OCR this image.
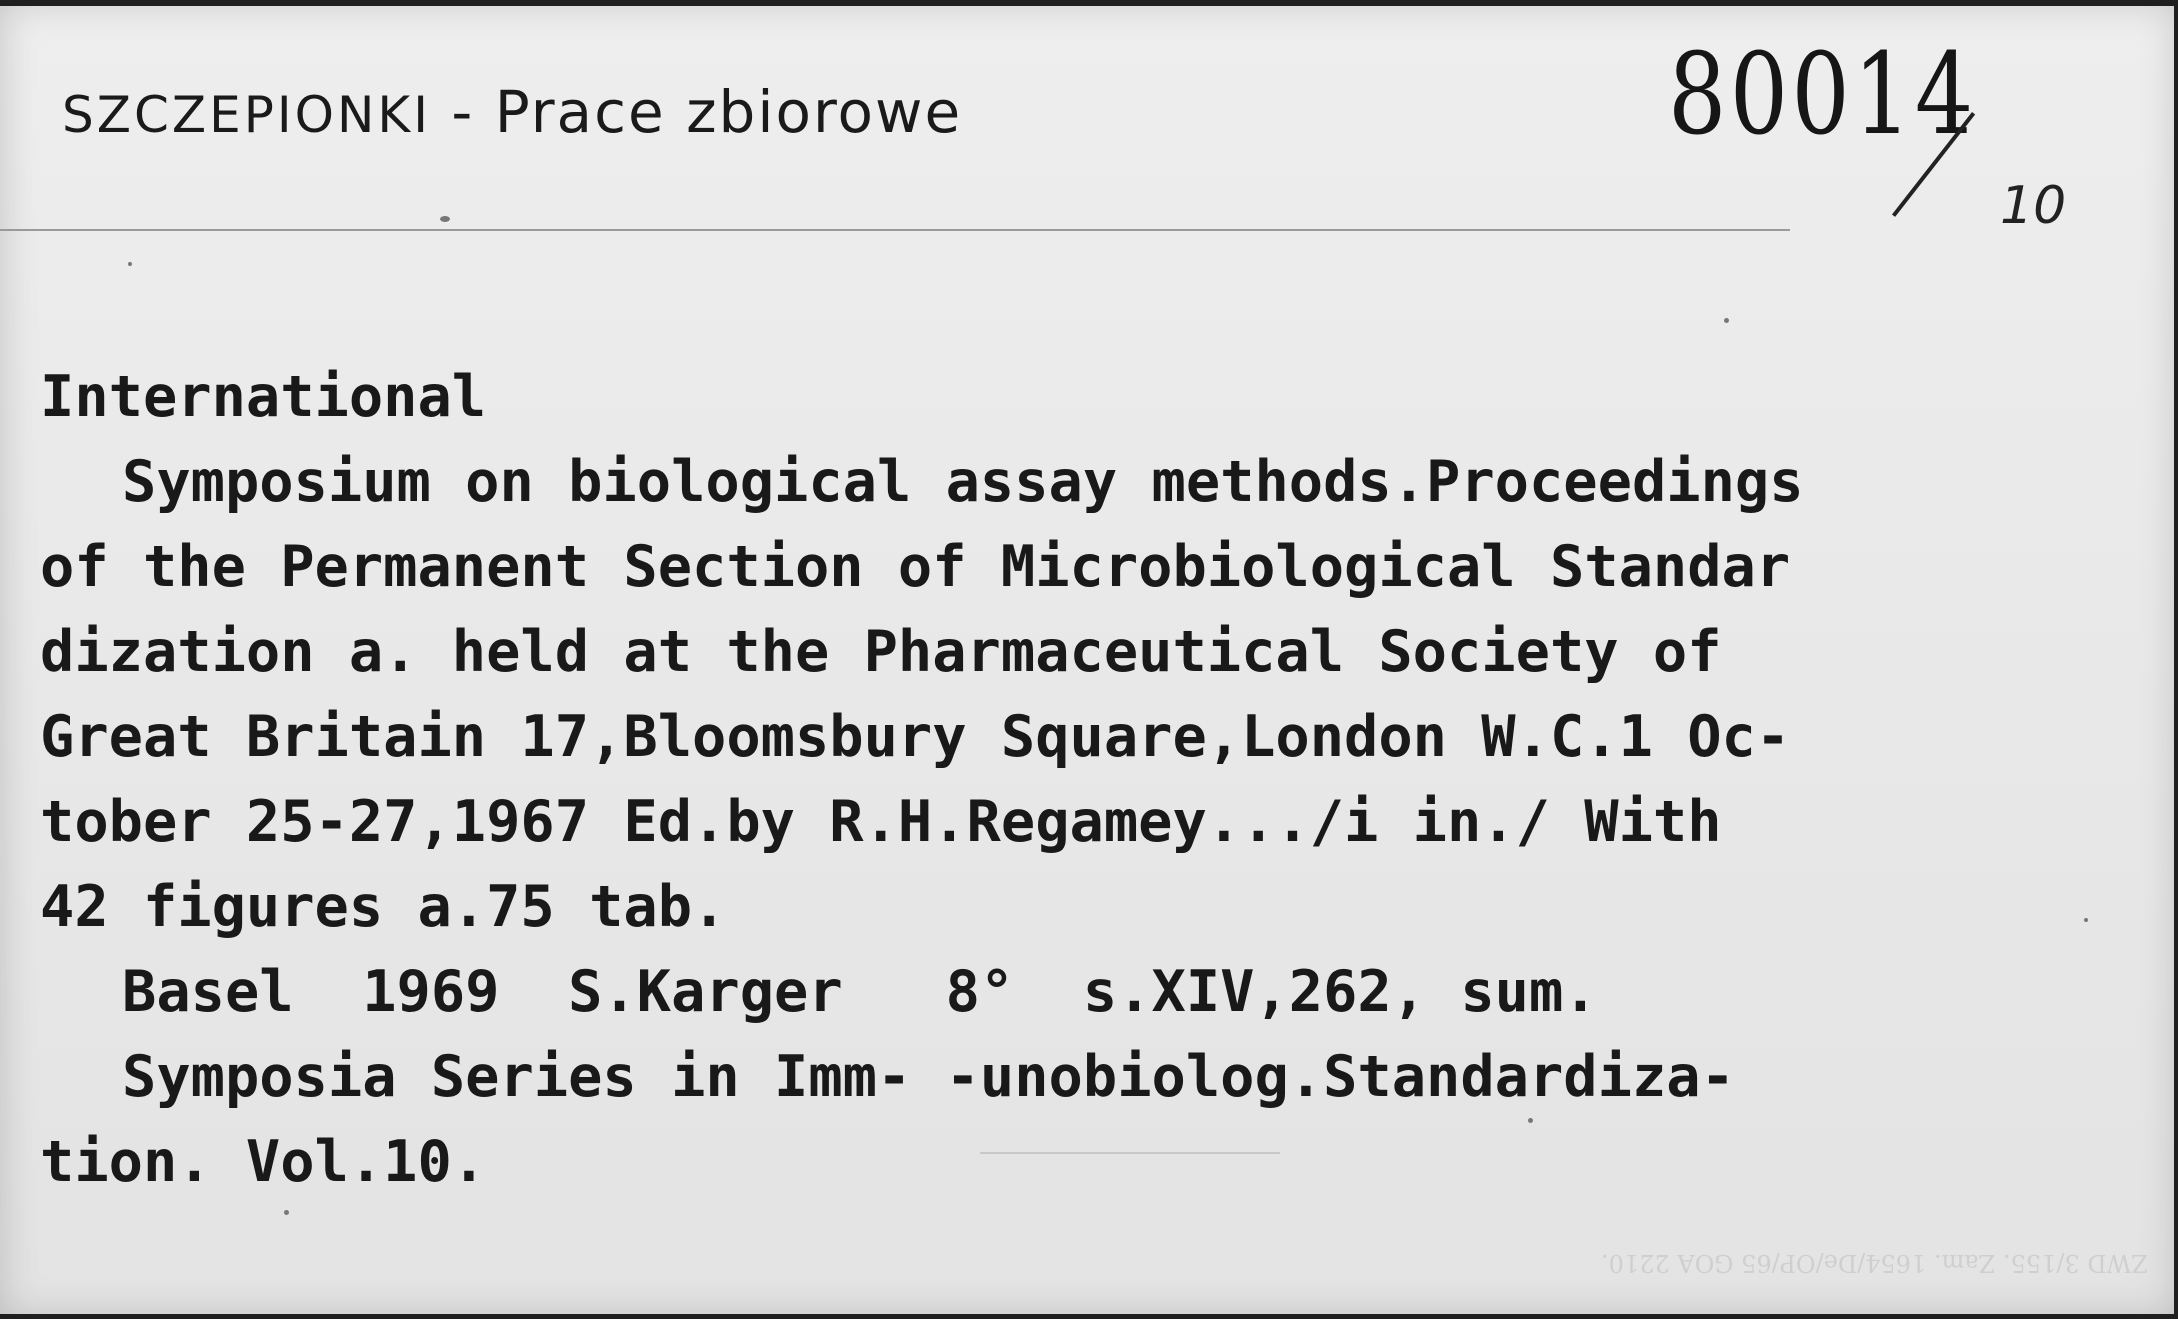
SZCZEPIONKI - Prace zbiorowe	80014
10
International
Symposium on biological assay methods.Proceedings
of the Permanent Section of Microbiological Standar
dization a. held at the Pharmaceutical Society of
Great Britain 17,Bloomsbury Square,London W.C.1 Oc-
tober 25-27,1967 Ed.by R.H.Regamey.../i in./ With
42 figures a.75 tab.
Basel  1969  S.Karger   8°  s.XIV,262, sum.
Symposia Series in Imm- -unobiolog.Standardiza-
tion. Vol.10.
ZWD 3/155. Zam. 1654/De/OP/65 GOA 2210.
